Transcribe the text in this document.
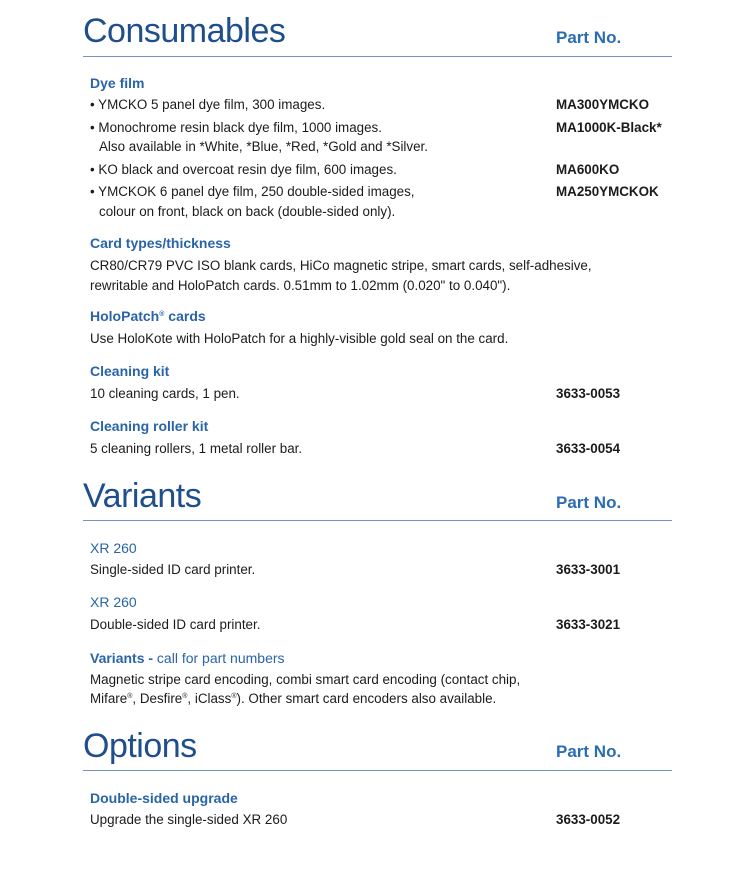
Consumables	Part No.
Dye film
• YMCKO 5 panel dye film, 300 images.	MA300YMCKO
• Monochrome resin black dye film, 1000 images.	MA1000K-Black*
Also available in *White, *Blue, *Red, *Gold and *Silver.
• KO black and overcoat resin dye film, 600 images.	MA600KO
• YMCKOK 6 panel dye film, 250 double-sided images,	MA250YMCKOK
colour on front, black on back (double-sided only).
Card types/thickness
CR80/CR79 PVC ISO blank cards, HiCo magnetic stripe, smart cards, self-adhesive,
rewritable and HoloPatch cards. 0.51mm to 1.02mm (0.020" to 0.040").
HoloPatch® cards
Use HoloKote with HoloPatch for a highly-visible gold seal on the card.
Cleaning kit
10 cleaning cards, 1 pen.	3633-0053
Cleaning roller kit
5 cleaning rollers, 1 metal roller bar.	3633-0054
Variants	Part No.
XR 260
Single-sided ID card printer.	3633-3001
XR 260
Double-sided ID card printer.	3633-3021
Variants - call for part numbers
Magnetic stripe card encoding, combi smart card encoding (contact chip,
Mifare®, Desfire®, iClass®). Other smart card encoders also available.
Options	Part No.
Double-sided upgrade
Upgrade the single-sided XR 260	3633-0052
